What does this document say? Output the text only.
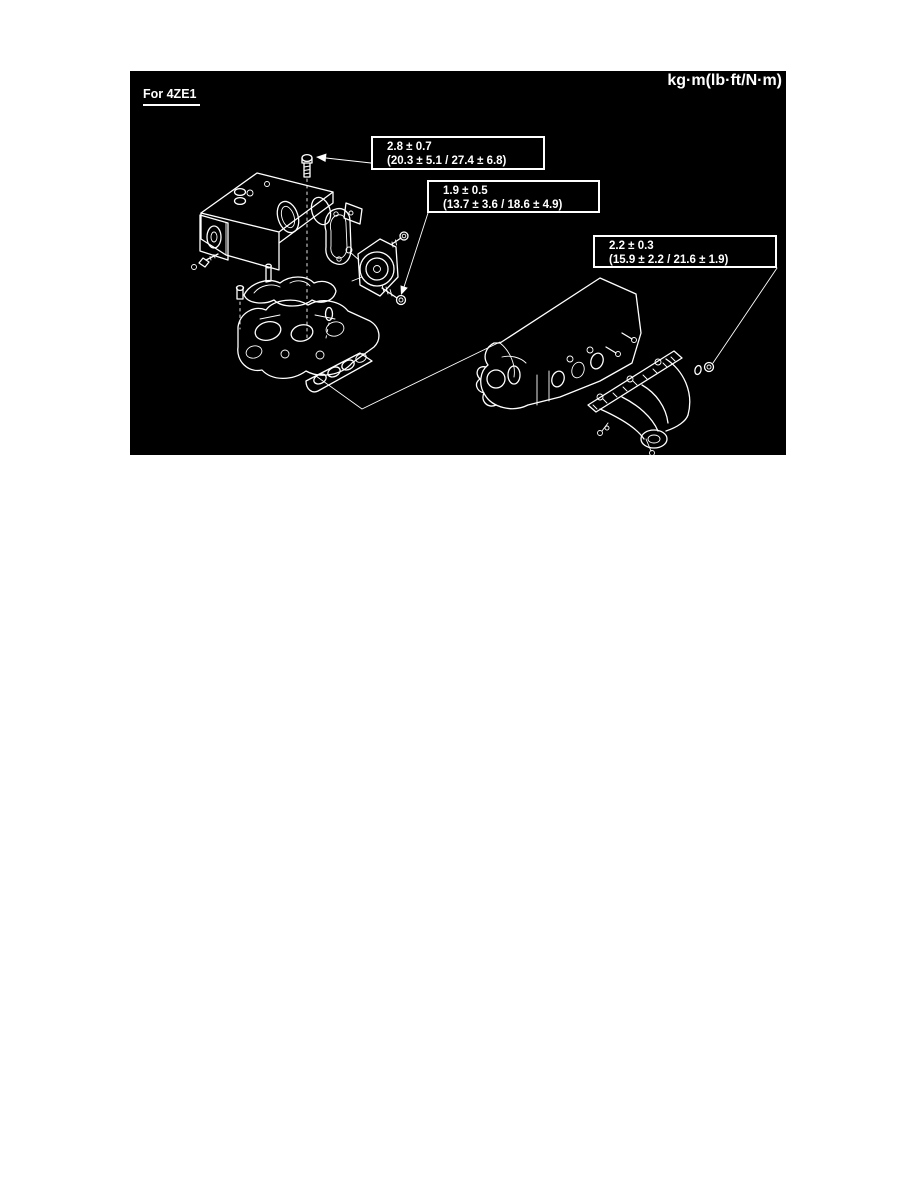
kg·m(lb·ft/N·m)
For 4ZE1
2.8 ± 0.7
(20.3 ± 5.1 / 27.4 ± 6.8)
1.9 ± 0.5
(13.7 ± 3.6 / 18.6 ± 4.9)
2.2 ± 0.3
(15.9 ± 2.2 / 21.6 ± 1.9)
